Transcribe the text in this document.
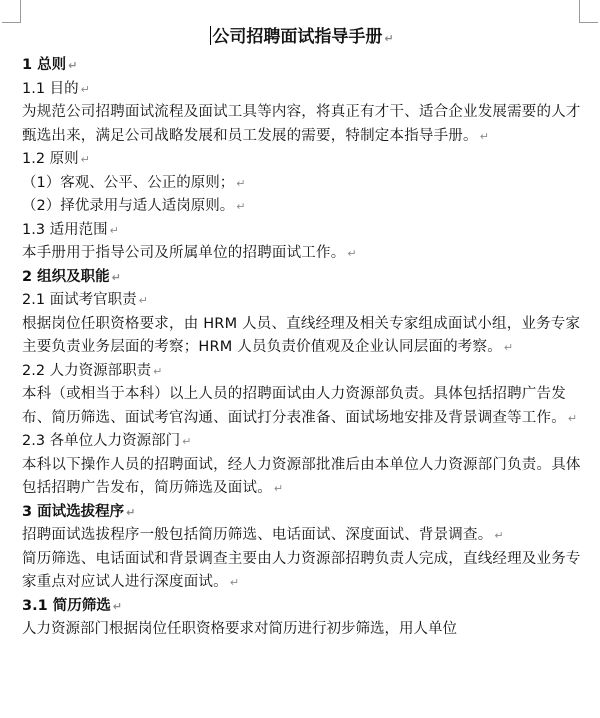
公司招聘面试指导手册 ↵

1 总则 ↵

1.1 目的 ↵

为规范公司招聘面试流程及面试工具等内容，将真正有才干、适合企业发展需要的人才甄选出来，满足公司战略发展和员工发展的需要，特制定本指导手册。 ↵

1.2 原则 ↵

（1）客观、公平、公正的原则； ↵

（2）择优录用与适人适岗原则。 ↵

1.3 适用范围 ↵

本手册用于指导公司及所属单位的招聘面试工作。 ↵

2 组织及职能 ↵

2.1 面试考官职责 ↵

根据岗位任职资格要求，由 HRM 人员、直线经理及相关专家组成面试小组，业务专家主要负责业务层面的考察；HRM 人员负责价值观及企业认同层面的考察。 ↵

2.2 人力资源部职责 ↵

本科（或相当于本科）以上人员的招聘面试由人力资源部负责。具体包括招聘广告发布、简历筛选、面试考官沟通、面试打分表准备、面试场地安排及背景调查等工作。 ↵

2.3 各单位人力资源部门 ↵

本科以下操作人员的招聘面试，经人力资源部批准后由本单位人力资源部门负责。具体包括招聘广告发布，简历筛选及面试。 ↵

3 面试选拔程序 ↵

招聘面试选拔程序一般包括简历筛选、电话面试、深度面试、背景调查。 ↵

简历筛选、电话面试和背景调查主要由人力资源部招聘负责人完成，直线经理及业务专家重点对应试人进行深度面试。 ↵

3.1 简历筛选 ↵

人力资源部门根据岗位任职资格要求对简历进行初步筛选，用人单位
